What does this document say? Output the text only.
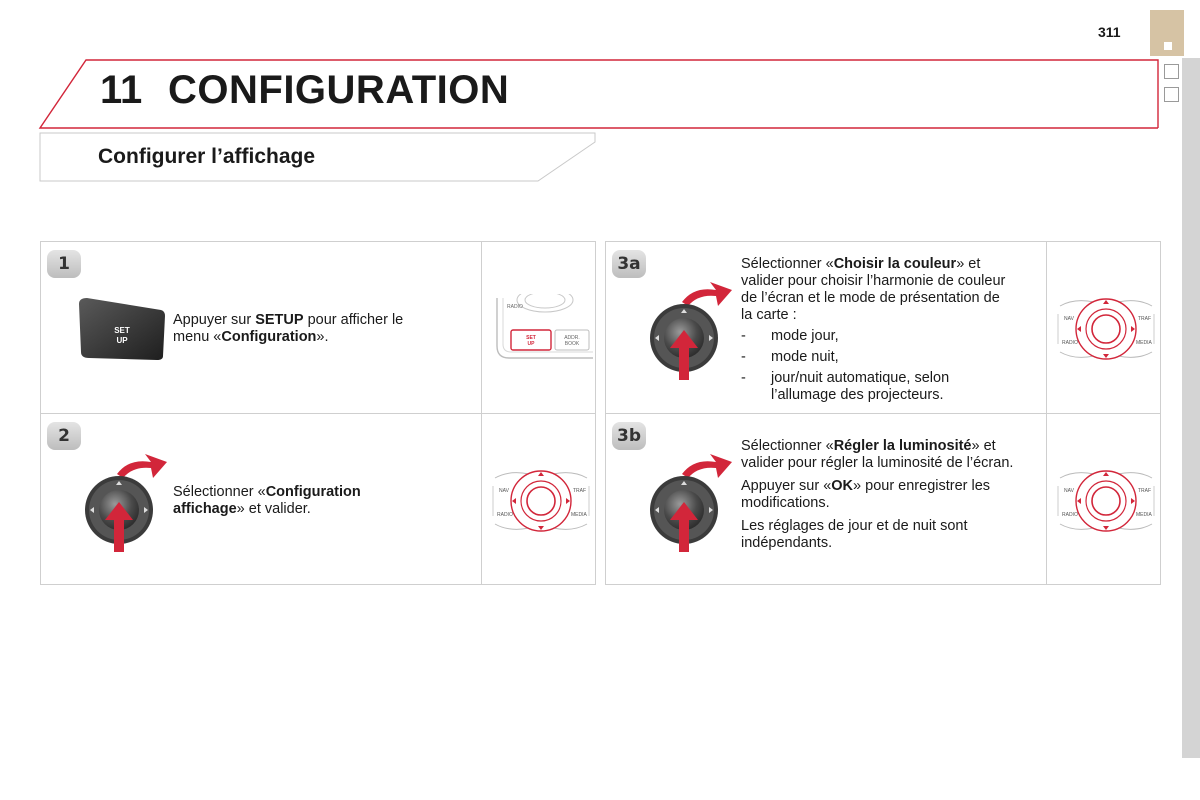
311
11 CONFIGURATION
Configurer l’affichage
1
SET
UP
Appuyer sur SETUP pour afficher le menu «Configuration».
RADIO
SET
UP
ADDR.
BOOK
2
Sélectionner «Configuration affichage» et valider.
NAV	TRAF
RADIO	MEDIA
3a	Sélectionner «Choisir la couleur» et valider pour choisir l’harmonie de couleur de l’écran et le mode de présentation de la carte :
-	mode jour,
-	mode nuit,
-	jour/nuit automatique, selon l’allumage des projecteurs.
NAV	TRAF
RADIO	MEDIA
3b	Sélectionner «Régler la luminosité» et valider pour régler la luminosité de l’écran.

Appuyer sur «OK» pour enregistrer les modifications.

Les réglages de jour et de nuit sont indépendants.

NAV	TRAF
RADIO	MEDIA
